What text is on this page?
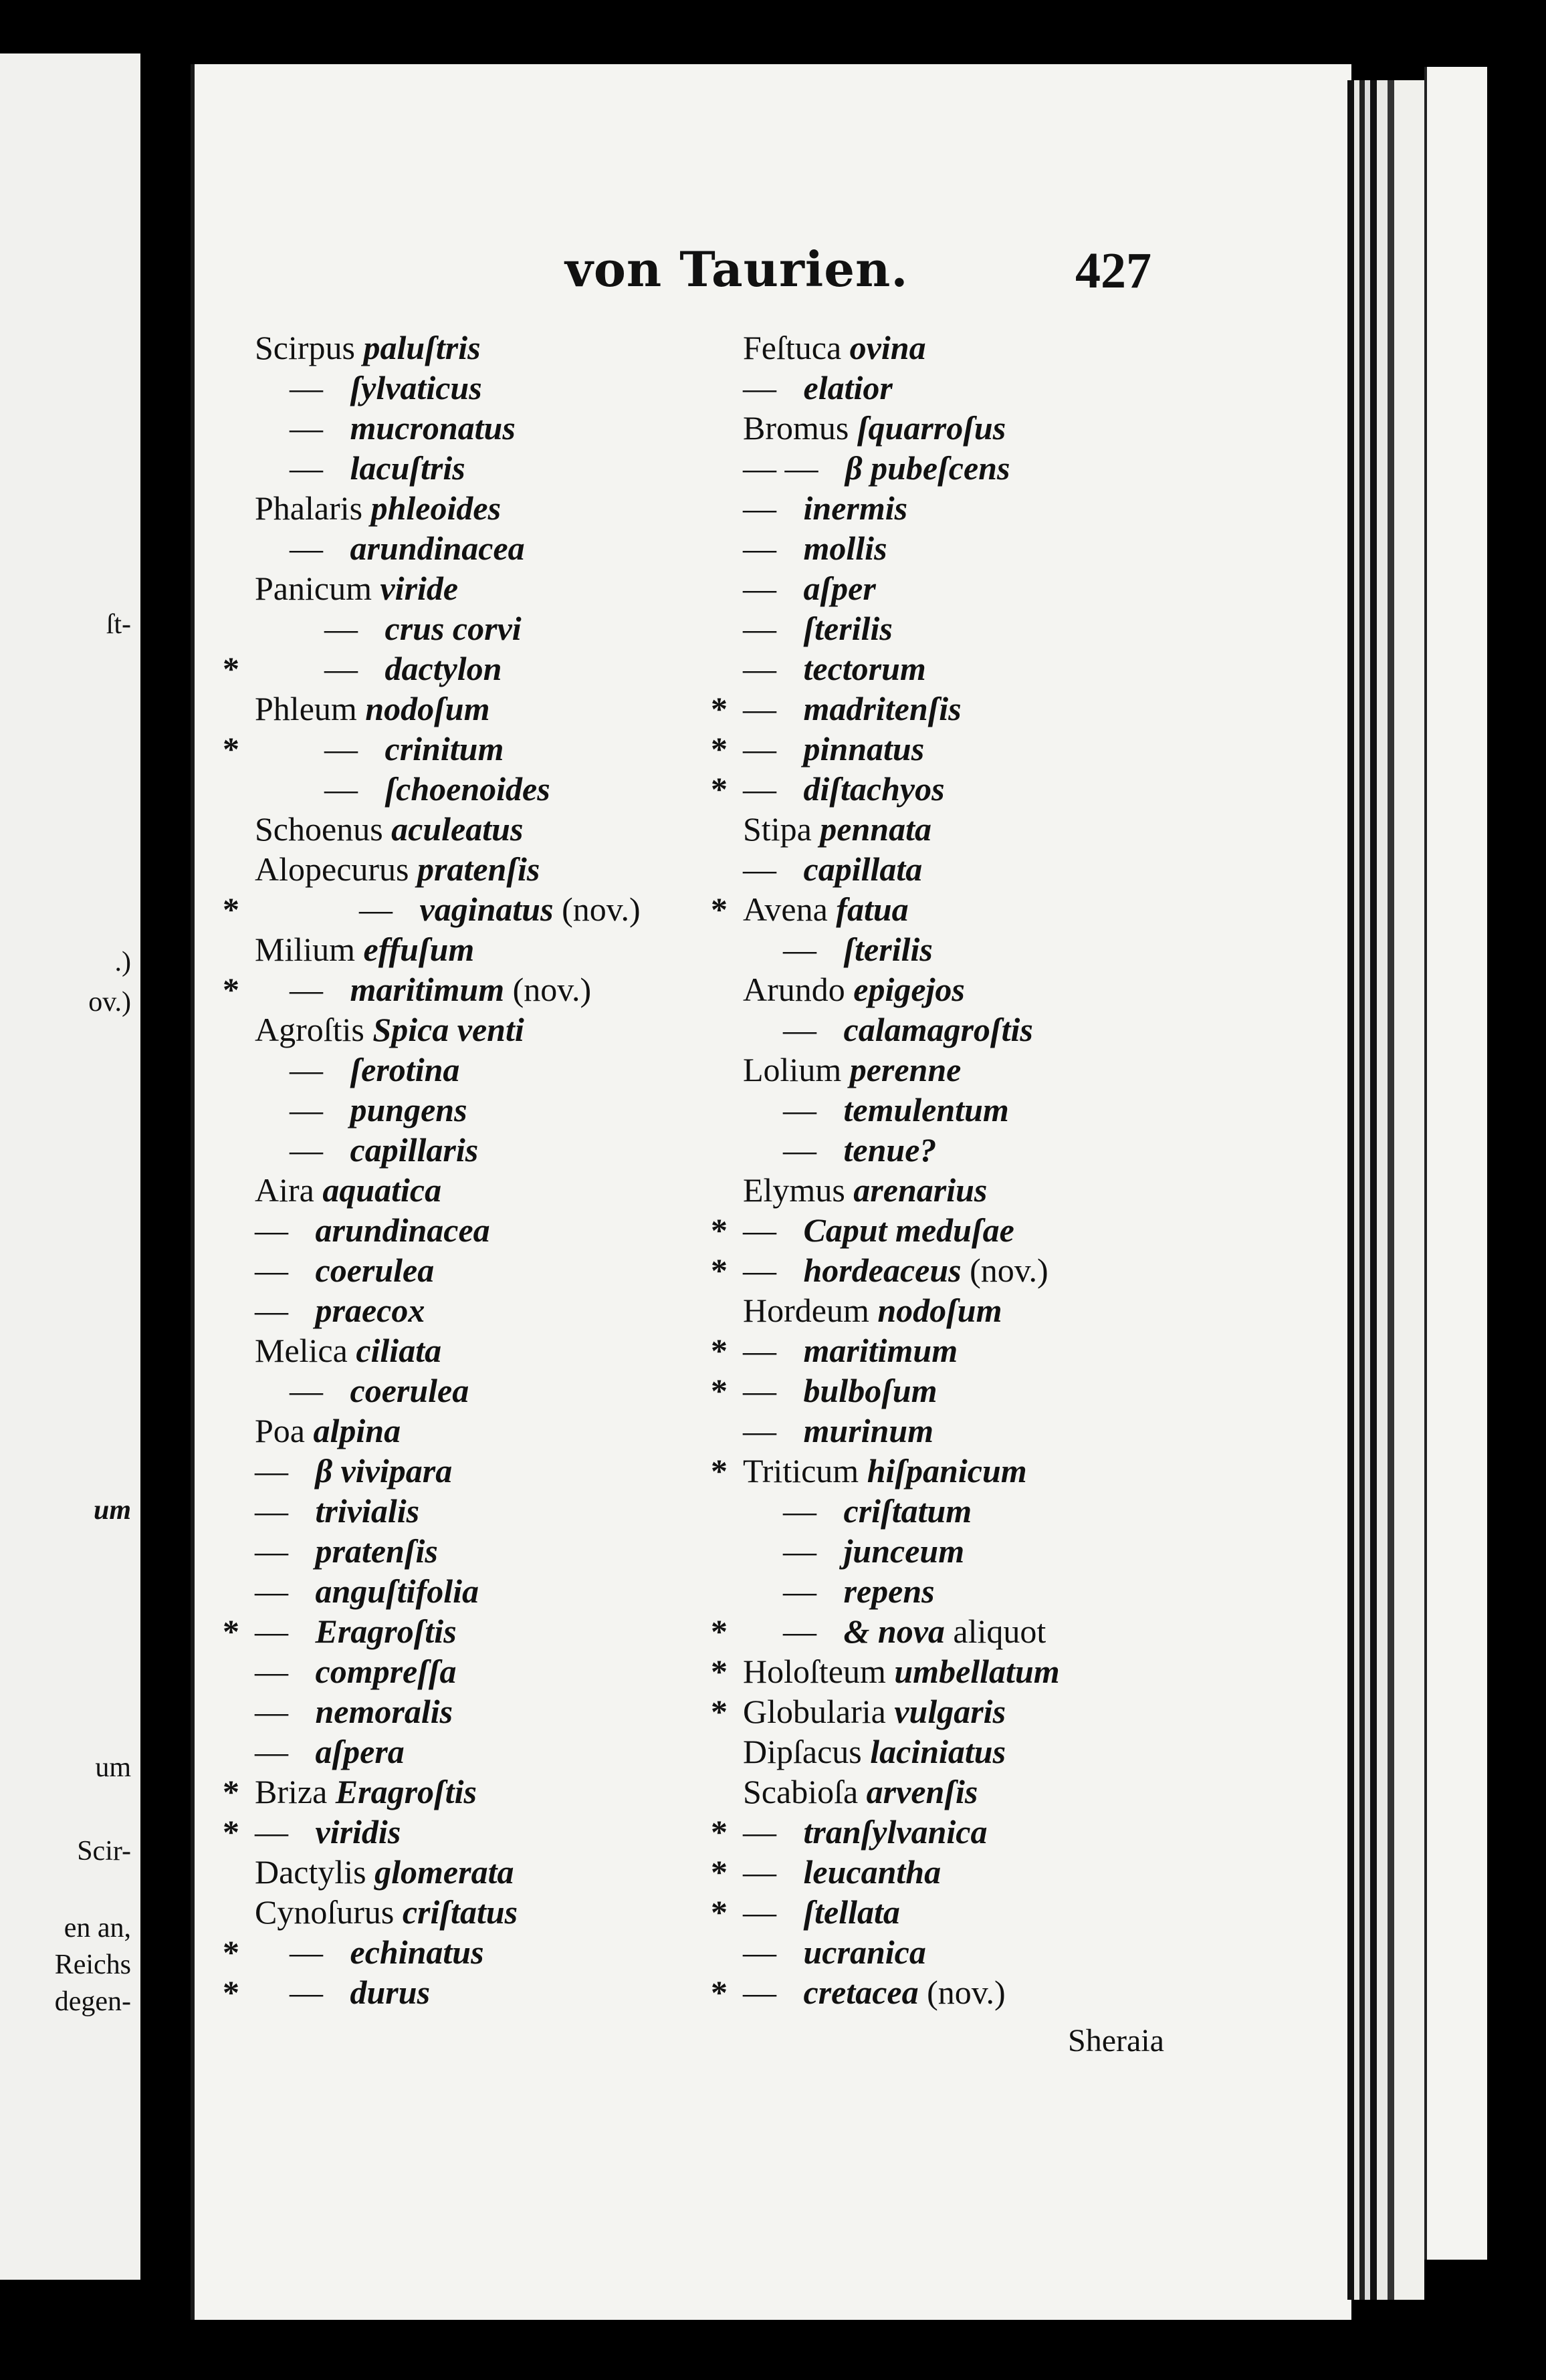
ſt-
.)
ov.)
um
um
Scir-
en an,
Reichs
degen-
von Taurien.	427
Scirpus paluſtris
— ſylvaticus
— mucronatus
— lacuſtris
Phalaris phleoides
— arundinacea
Panicum viride
— crus corvi
*	— dactylon
Phleum nodoſum
*	— crinitum
— ſchoenoides
Schoenus aculeatus
Alopecurus pratenſis
*	— vaginatus (nov.)
Milium effuſum
* — maritimum (nov.)
Agroſtis Spica venti
— ſerotina
— pungens
— capillaris
Aira aquatica
— arundinacea
— coerulea
— praecox
Melica ciliata
— coerulea
Poa alpina
— β vivipara
— trivialis
— pratenſis
— anguſtifolia
* — Eragroſtis
— compreſſa
— nemoralis
— aſpera
* Briza Eragroſtis
* — viridis
Dactylis glomerata
Cynoſurus criſtatus
* — echinatus
* — durus
Feſtuca ovina
— elatior
Bromus ſquarroſus
— — β pubeſcens
— inermis
— mollis
— aſper
— ſterilis
— tectorum
* — madritenſis
* — pinnatus
* — diſtachyos
Stipa pennata
— capillata
* Avena fatua
— ſterilis
Arundo epigejos
— calamagroſtis
Lolium perenne
— temulentum
— tenue?
Elymus arenarius
* — Caput meduſae
* — hordeaceus (nov.)
Hordeum nodoſum
* — maritimum
* — bulboſum
— murinum
* Triticum hiſpanicum
— criſtatum
— junceum
— repens
* — & nova aliquot
* Holoſteum umbellatum
* Globularia vulgaris
Dipſacus laciniatus
Scabioſa arvenſis
* — tranſylvanica
* — leucantha
* — ſtellata
— ucranica
* — cretacea (nov.)
Sheraia
